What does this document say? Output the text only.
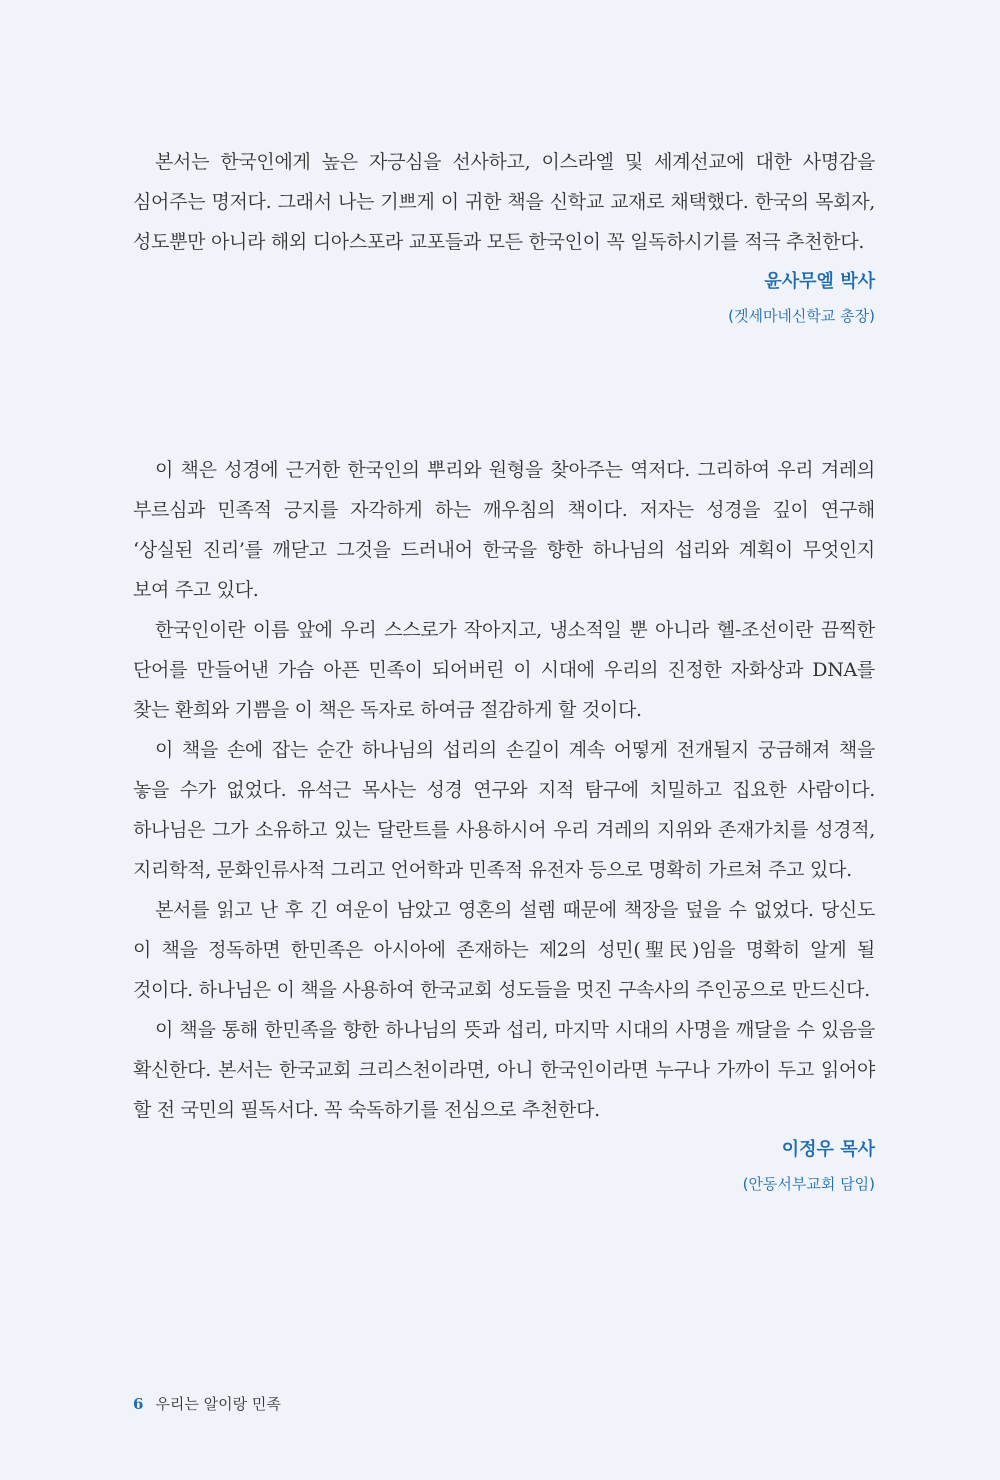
본서는 한국인에게 높은 자긍심을 선사하고, 이스라엘 및 세계선교에 대한 사명감을 심어주는 명저다. 그래서 나는 기쁘게 이 귀한 책을 신학교 교재로 채택했다. 한국의 목회자, 성도뿐만 아니라 해외 디아스포라 교포들과 모든 한국인이 꼭 일독하시기를 적극 추천한다.

윤사무엘 박사
(겟세마네신학교 총장)

이 책은 성경에 근거한 한국인의 뿌리와 원형을 찾아주는 역저다. 그리하여 우리 겨레의 부르심과 민족적 긍지를 자각하게 하는 깨우침의 책이다. 저자는 성경을 깊이 연구해 ‘상실된 진리’를 깨닫고 그것을 드러내어 한국을 향한 하나님의 섭리와 계획이 무엇인지 보여 주고 있다.

한국인이란 이름 앞에 우리 스스로가 작아지고, 냉소적일 뿐 아니라 헬-조선이란 끔찍한 단어를 만들어낸 가슴 아픈 민족이 되어버린 이 시대에 우리의 진정한 자화상과 DNA를 찾는 환희와 기쁨을 이 책은 독자로 하여금 절감하게 할 것이다.

이 책을 손에 잡는 순간 하나님의 섭리의 손길이 계속 어떻게 전개될지 궁금해져 책을 놓을 수가 없었다. 유석근 목사는 성경 연구와 지적 탐구에 치밀하고 집요한 사람이다. 하나님은 그가 소유하고 있는 달란트를 사용하시어 우리 겨레의 지위와 존재가치를 성경적, 지리학적, 문화인류사적 그리고 언어학과 민족적 유전자 등으로 명확히 가르쳐 주고 있다.

본서를 읽고 난 후 긴 여운이 남았고 영혼의 설렘 때문에 책장을 덮을 수 없었다. 당신도 이 책을 정독하면 한민족은 아시아에 존재하는 제2의 성민(聖民)임을 명확히 알게 될 것이다. 하나님은 이 책을 사용하여 한국교회 성도들을 멋진 구속사의 주인공으로 만드신다.

이 책을 통해 한민족을 향한 하나님의 뜻과 섭리, 마지막 시대의 사명을 깨달을 수 있음을 확신한다. 본서는 한국교회 크리스천이라면, 아니 한국인이라면 누구나 가까이 두고 읽어야 할 전 국민의 필독서다. 꼭 숙독하기를 전심으로 추천한다.

이정우 목사
(안동서부교회 담임)
6 우리는 알이랑 민족
